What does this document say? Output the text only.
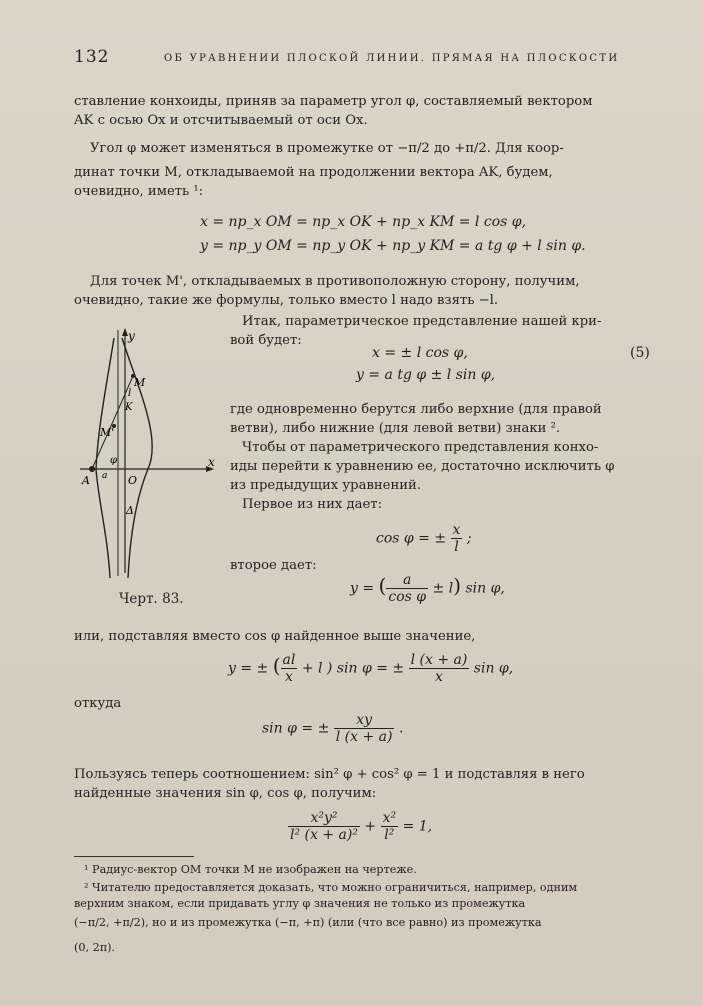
132	ОБ УРАВНЕНИИ ПЛОСКОЙ ЛИНИИ. ПРЯМАЯ НА ПЛОСКОСТИ
ставление конхоиды, приняв за параметр угол φ, составляемый вектором
AK с осью Ox и отсчитываемый от оси Ox.
Угол φ может изменяться в промежутке от −π/2 до +π/2. Для коор-
динат точки M, откладываемой на продолжении вектора AK, будем,
очевидно, иметь ¹:
x = пр_x OM = пр_x OK + пр_x KM = l cos φ,
y = пр_y OM = пр_y OK + пр_y KM = a tg φ + l sin φ.
Для точек M', откладываемых в противоположную сторону, получим,
очевидно, такие же формулы, только вместо l надо взять −l.
Итак, параметрическое представление нашей кри-
вой будет:
x = ± l cos φ,	(5)
y = a tg φ ± l sin φ,
где одновременно берутся либо верхние (для правой
ветви), либо нижние (для левой ветви) знаки ².
Чтобы от параметрического представления конхо-
иды перейти к уравнению ее, достаточно исключить φ
из предыдущих уравнений.
Первое из них дает:
cos φ = ± $\frac{x}{l}$ ;
второе дает:
y = ( $\frac{a}{\text{cos φ}} \pm l$) sin φ,
Черт. 83.
или, подставляя вместо cos φ найденное выше значение,
y = ± ( $\frac{al}{x} + l$ ) sin φ = ± $\frac{l (x + a)}{x}$ sin φ,
откуда
sin φ = ± $\frac{xy}{l (x + a)}$ .
Пользуясь теперь соотношением: sin² φ + cos² φ = 1 и подставляя в него
найденные значения sin φ, cos φ, получим:
$\frac{\text{x²y²}}{\text{l² (x + a)²}} + \frac{\text{x²}}{\text{l²}} = 1$,
¹ Радиус-вектор OM точки M не изображен на чертеже.
² Читателю предоставляется доказать, что можно ограничиться, например, одним
верхним знаком, если придавать углу φ значения не только из промежутка
(−π/2, +π/2), но и из промежутка (−π, +π) (или (что все равно) из промежутка
(0, 2π).
y
x
M
M'
K
l
φ
A	O
a
Δ
